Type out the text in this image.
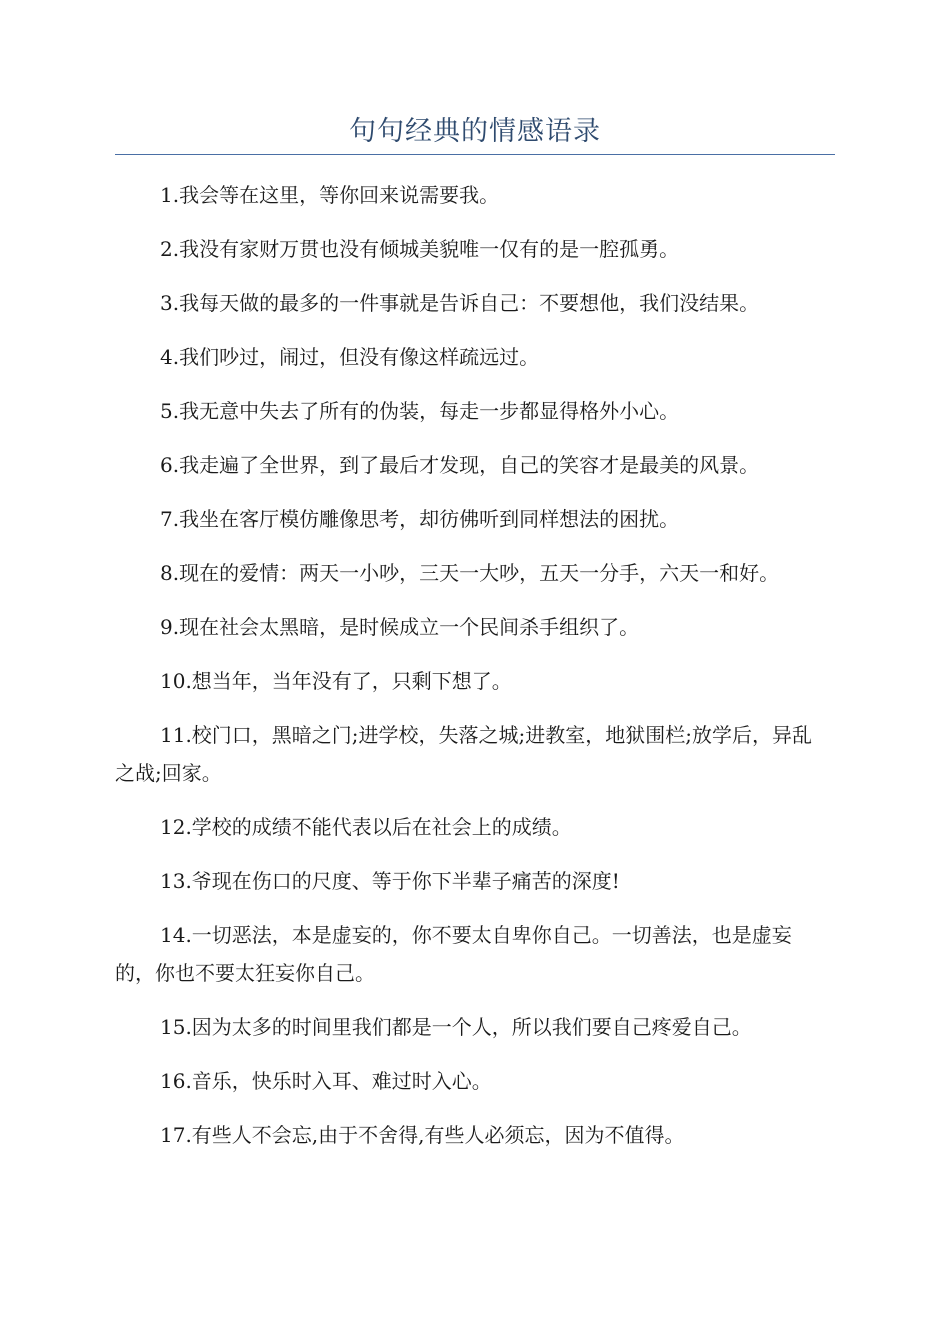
句句经典的情感语录

1.我会等在这里，等你回来说需要我。

2.我没有家财万贯也没有倾城美貌唯一仅有的是一腔孤勇。

3.我每天做的最多的一件事就是告诉自己：不要想他，我们没结果。

4.我们吵过，闹过，但没有像这样疏远过。

5.我无意中失去了所有的伪装，每走一步都显得格外小心。

6.我走遍了全世界，到了最后才发现，自己的笑容才是最美的风景。

7.我坐在客厅模仿雕像思考，却彷佛听到同样想法的困扰。

8.现在的爱情：两天一小吵，三天一大吵，五天一分手，六天一和好。

9.现在社会太黑暗，是时候成立一个民间杀手组织了。

10.想当年，当年没有了，只剩下想了。

11.校门口，黑暗之门;进学校，失落之城;进教室，地狱围栏;放学后，异乱之战;回家。

12.学校的成绩不能代表以后在社会上的成绩。

13.爷现在伤口的尺度、等于你下半辈子痛苦的深度!

14.一切恶法，本是虚妄的，你不要太自卑你自己。一切善法，也是虚妄的，你也不要太狂妄你自己。

15.因为太多的时间里我们都是一个人，所以我们要自己疼爱自己。

16.音乐，快乐时入耳、难过时入心。

17.有些人不会忘,由于不舍得,有些人必须忘，因为不值得。
